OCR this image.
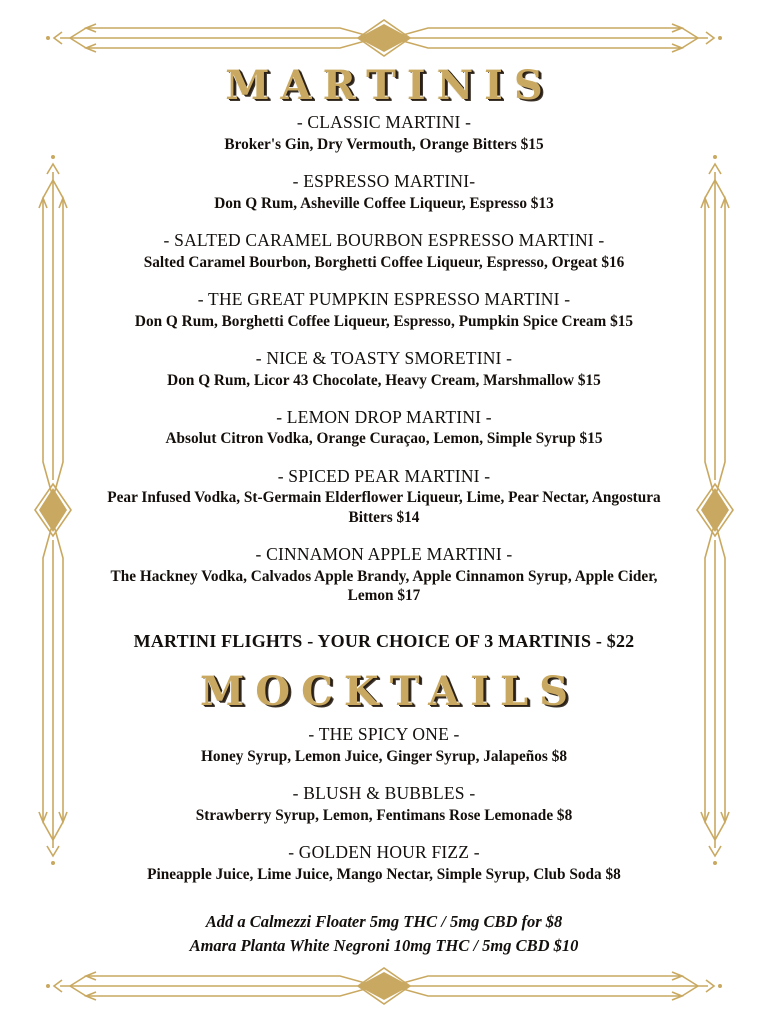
MARTINIS
- CLASSIC MARTINI -
Broker's Gin, Dry Vermouth, Orange Bitters $15
- ESPRESSO MARTINI-
Don Q Rum, Asheville Coffee Liqueur, Espresso $13
- SALTED CARAMEL BOURBON ESPRESSO MARTINI -
Salted Caramel Bourbon, Borghetti Coffee Liqueur, Espresso, Orgeat $16
- THE GREAT PUMPKIN ESPRESSO MARTINI -
Don Q Rum, Borghetti Coffee Liqueur, Espresso, Pumpkin Spice Cream $15
- NICE & TOASTY SMORETINI -
Don Q Rum, Licor 43 Chocolate, Heavy Cream, Marshmallow $15
- LEMON DROP MARTINI -
Absolut Citron Vodka, Orange Curaçao, Lemon, Simple Syrup $15
- SPICED PEAR MARTINI -
Pear Infused Vodka, St-Germain Elderflower Liqueur, Lime, Pear Nectar, Angostura Bitters $14
- CINNAMON APPLE MARTINI -
The Hackney Vodka, Calvados Apple Brandy, Apple Cinnamon Syrup, Apple Cider, Lemon $17
MARTINI FLIGHTS - YOUR CHOICE OF 3 MARTINIS - $22
MOCKTAILS
- THE SPICY ONE -
Honey Syrup, Lemon Juice, Ginger Syrup, Jalapeños $8
- BLUSH & BUBBLES -
Strawberry Syrup, Lemon, Fentimans Rose Lemonade $8
- GOLDEN HOUR FIZZ -
Pineapple Juice, Lime Juice, Mango Nectar, Simple Syrup, Club Soda $8
Add a Calmezzi Floater 5mg THC / 5mg CBD for $8
Amara Planta White Negroni 10mg THC / 5mg CBD $10
